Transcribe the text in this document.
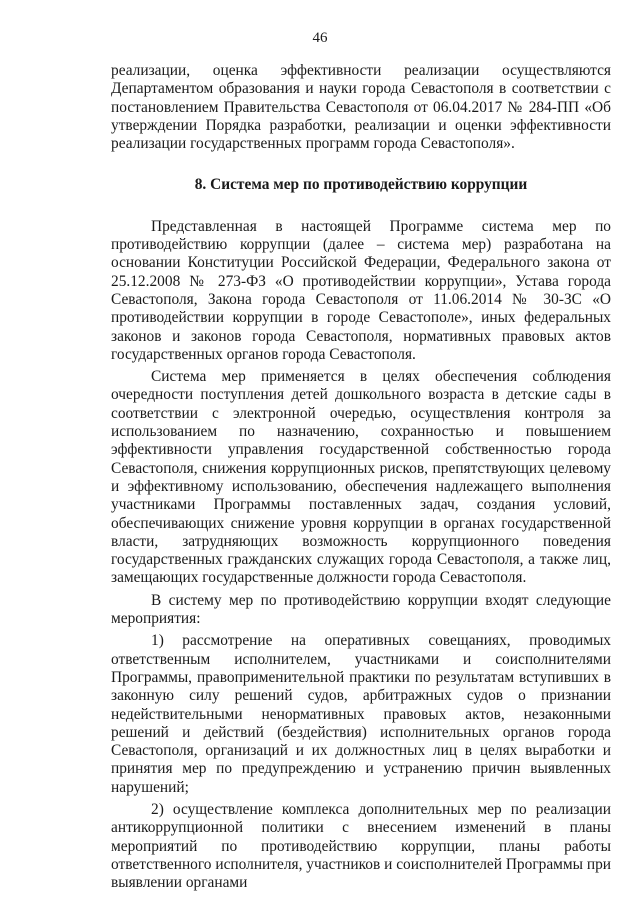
46

реализации, оценка эффективности реализации осуществляются Департаментом образования и науки города Севастополя в соответствии с постановлением Правительства Севастополя от 06.04.2017 № 284-ПП «Об утверждении Порядка разработки, реализации и оценки эффективности реализации государственных программ города Севастополя».

8. Система мер по противодействию коррупции

Представленная в настоящей Программе система мер по противодействию коррупции (далее – система мер) разработана на основании Конституции Российской Федерации, Федерального закона от 25.12.2008 № 273-ФЗ «О противодействии коррупции», Устава города Севастополя, Закона города Севастополя от 11.06.2014 № 30-ЗС «О противодействии коррупции в городе Севастополе», иных федеральных законов и законов города Севастополя, нормативных правовых актов государственных органов города Севастополя.

Система мер применяется в целях обеспечения соблюдения очередности поступления детей дошкольного возраста в детские сады в соответствии с электронной очередью, осуществления контроля за использованием по назначению, сохранностью и повышением эффективности управления государственной собственностью города Севастополя, снижения коррупционных рисков, препятствующих целевому и эффективному использованию, обеспечения надлежащего выполнения участниками Программы поставленных задач, создания условий, обеспечивающих снижение уровня коррупции в органах государственной власти, затрудняющих возможность коррупционного поведения государственных гражданских служащих города Севастополя, а также лиц, замещающих государственные должности города Севастополя.

В систему мер по противодействию коррупции входят следующие мероприятия:

1) рассмотрение на оперативных совещаниях, проводимых ответственным исполнителем, участниками и соисполнителями Программы, правоприменительной практики по результатам вступивших в законную силу решений судов, арбитражных судов о признании недействительными ненормативных правовых актов, незаконными решений и действий (бездействия) исполнительных органов города Севастополя, организаций и их должностных лиц в целях выработки и принятия мер по предупреждению и устранению причин выявленных нарушений;

2) осуществление комплекса дополнительных мер по реализации антикоррупционной политики с внесением изменений в планы мероприятий по противодействию коррупции, планы работы ответственного исполнителя, участников и соисполнителей Программы при выявлении органами
